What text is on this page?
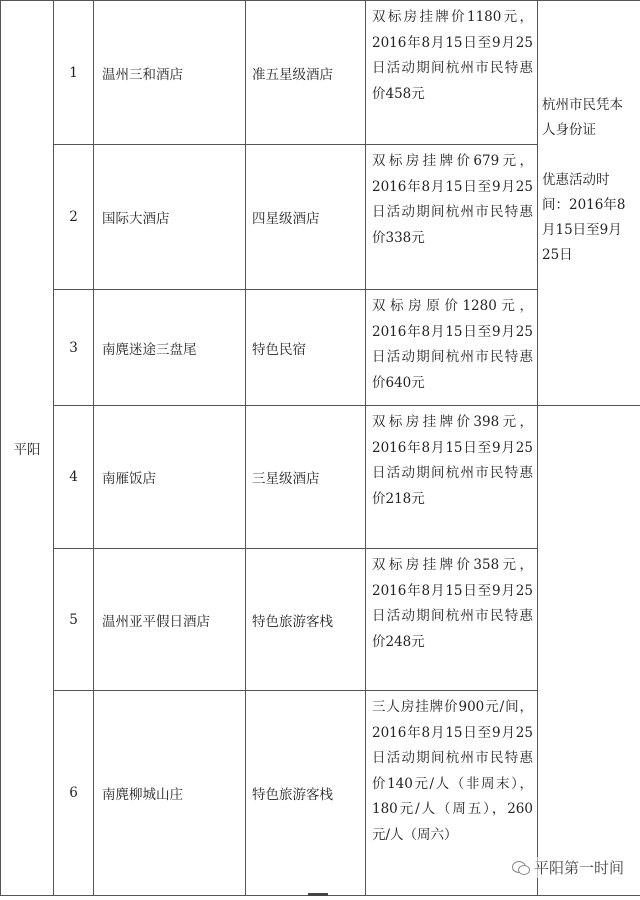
平阳	1	温州三和酒店	准五星级酒店	双标房挂牌价1180元，2016年8月15日至9月25日活动期间杭州市民特惠价458元	杭州市民凭本人身份证
优惠活动时间：2016年8月15日至9月25日

	2	国际大酒店	四星级酒店	双标房挂牌价679元，2016年8月15日至9月25日活动期间杭州市民特惠价338元	
	3	南麂迷途三盘尾	特色民宿	双标房原价1280元，2016年8月15日至9月25日活动期间杭州市民特惠价640元	
	4	南雁饭店	三星级酒店	双标房挂牌价398元，2016年8月15日至9月25日活动期间杭州市民特惠价218元	
	5	温州亚平假日酒店	特色旅游客栈	双标房挂牌价358元，2016年8月15日至9月25日活动期间杭州市民特惠价248元	
	6	南麂柳城山庄	特色旅游客栈	三人房挂牌价900元/间，2016年8月15日至9月25日活动期间杭州市民特惠价140元/人（非周末），180元/人（周五），260元/人（周六）	
平阳第一时间
